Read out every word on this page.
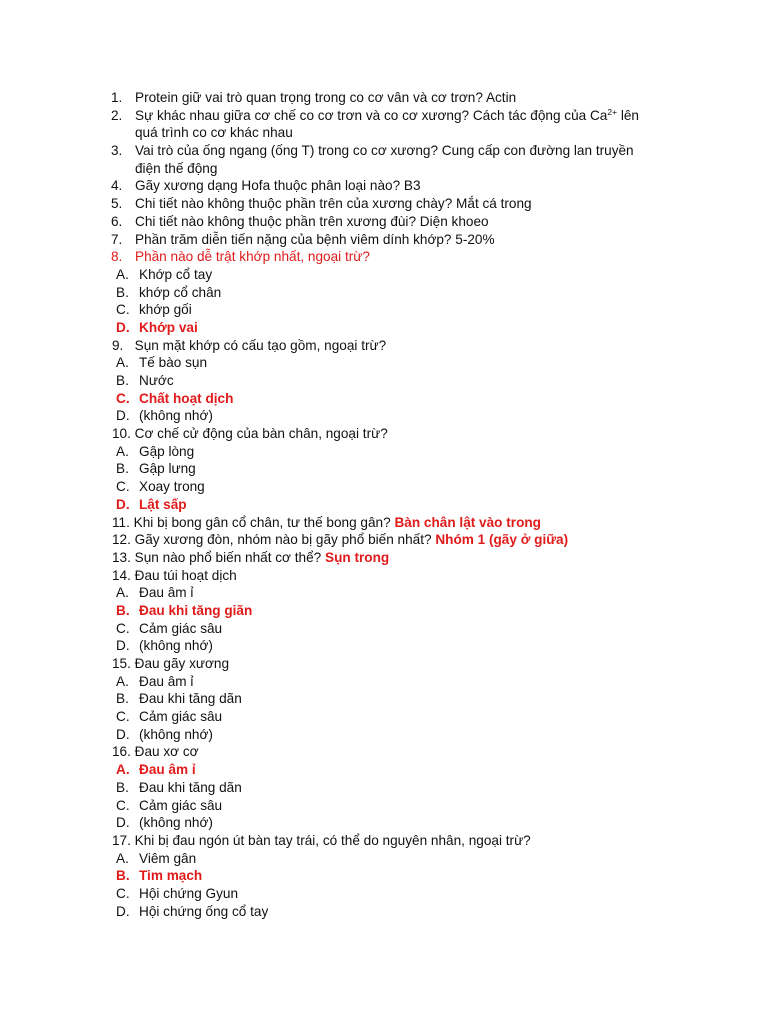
1. Protein giữ vai trò quan trọng trong co cơ vân và cơ trơn? Actin
2. Sự khác nhau giữa cơ chế co cơ trơn và co cơ xương? Cách tác động của $Ca^{2+}$ lên
quá trình co cơ khác nhau
3. Vai trò của ống ngang (ống T) trong co cơ xương? Cung cấp con đường lan truyền
điện thế động
4. Gãy xương dạng Hofa thuộc phân loại nào? B3
5. Chi tiết nào không thuộc phần trên của xương chày? Mắt cá trong
6. Chi tiết nào không thuộc phần trên xương đùi? Diện khoeo
7. Phần trăm diễn tiến nặng của bệnh viêm dính khớp? 5-20%
8. Phần nào dễ trật khớp nhất, ngoại trừ?
A. Khớp cổ tay
B. khớp cổ chân
C. khớp gối
D. Khớp vai
9.   Sụn mặt khớp có cấu tạo gồm, ngoại trừ?
A. Tế bào sụn
B. Nước
C. Chất hoạt dịch
D. (không nhớ)
10. Cơ chế cử động của bàn chân, ngoại trừ?
A. Gập lòng
B. Gập lưng
C. Xoay trong
D. Lật sấp
11. Khi bị bong gân cổ chân, tư thế bong gân? Bàn chân lật vào trong
12. Gãy xương đòn, nhóm nào bị gãy phổ biến nhất? Nhóm 1 (gãy ở giữa)
13. Sụn nào phổ biến nhất cơ thể? Sụn trong
14. Đau túi hoạt dịch
A. Đau âm ỉ
B. Đau khi tăng giãn
C. Cảm giác sâu
D. (không nhớ)
15. Đau gãy xương
A. Đau âm ỉ
B. Đau khi tăng dãn
C. Cảm giác sâu
D. (không nhớ)
16. Đau xơ cơ
A. Đau âm ỉ
B. Đau khi tăng dãn
C. Cảm giác sâu
D. (không nhớ)
17. Khi bị đau ngón út bàn tay trái, có thể do nguyên nhân, ngoại trừ?
A. Viêm gân
B. Tim mạch
C. Hội chứng Gyun
D. Hội chứng ống cổ tay
